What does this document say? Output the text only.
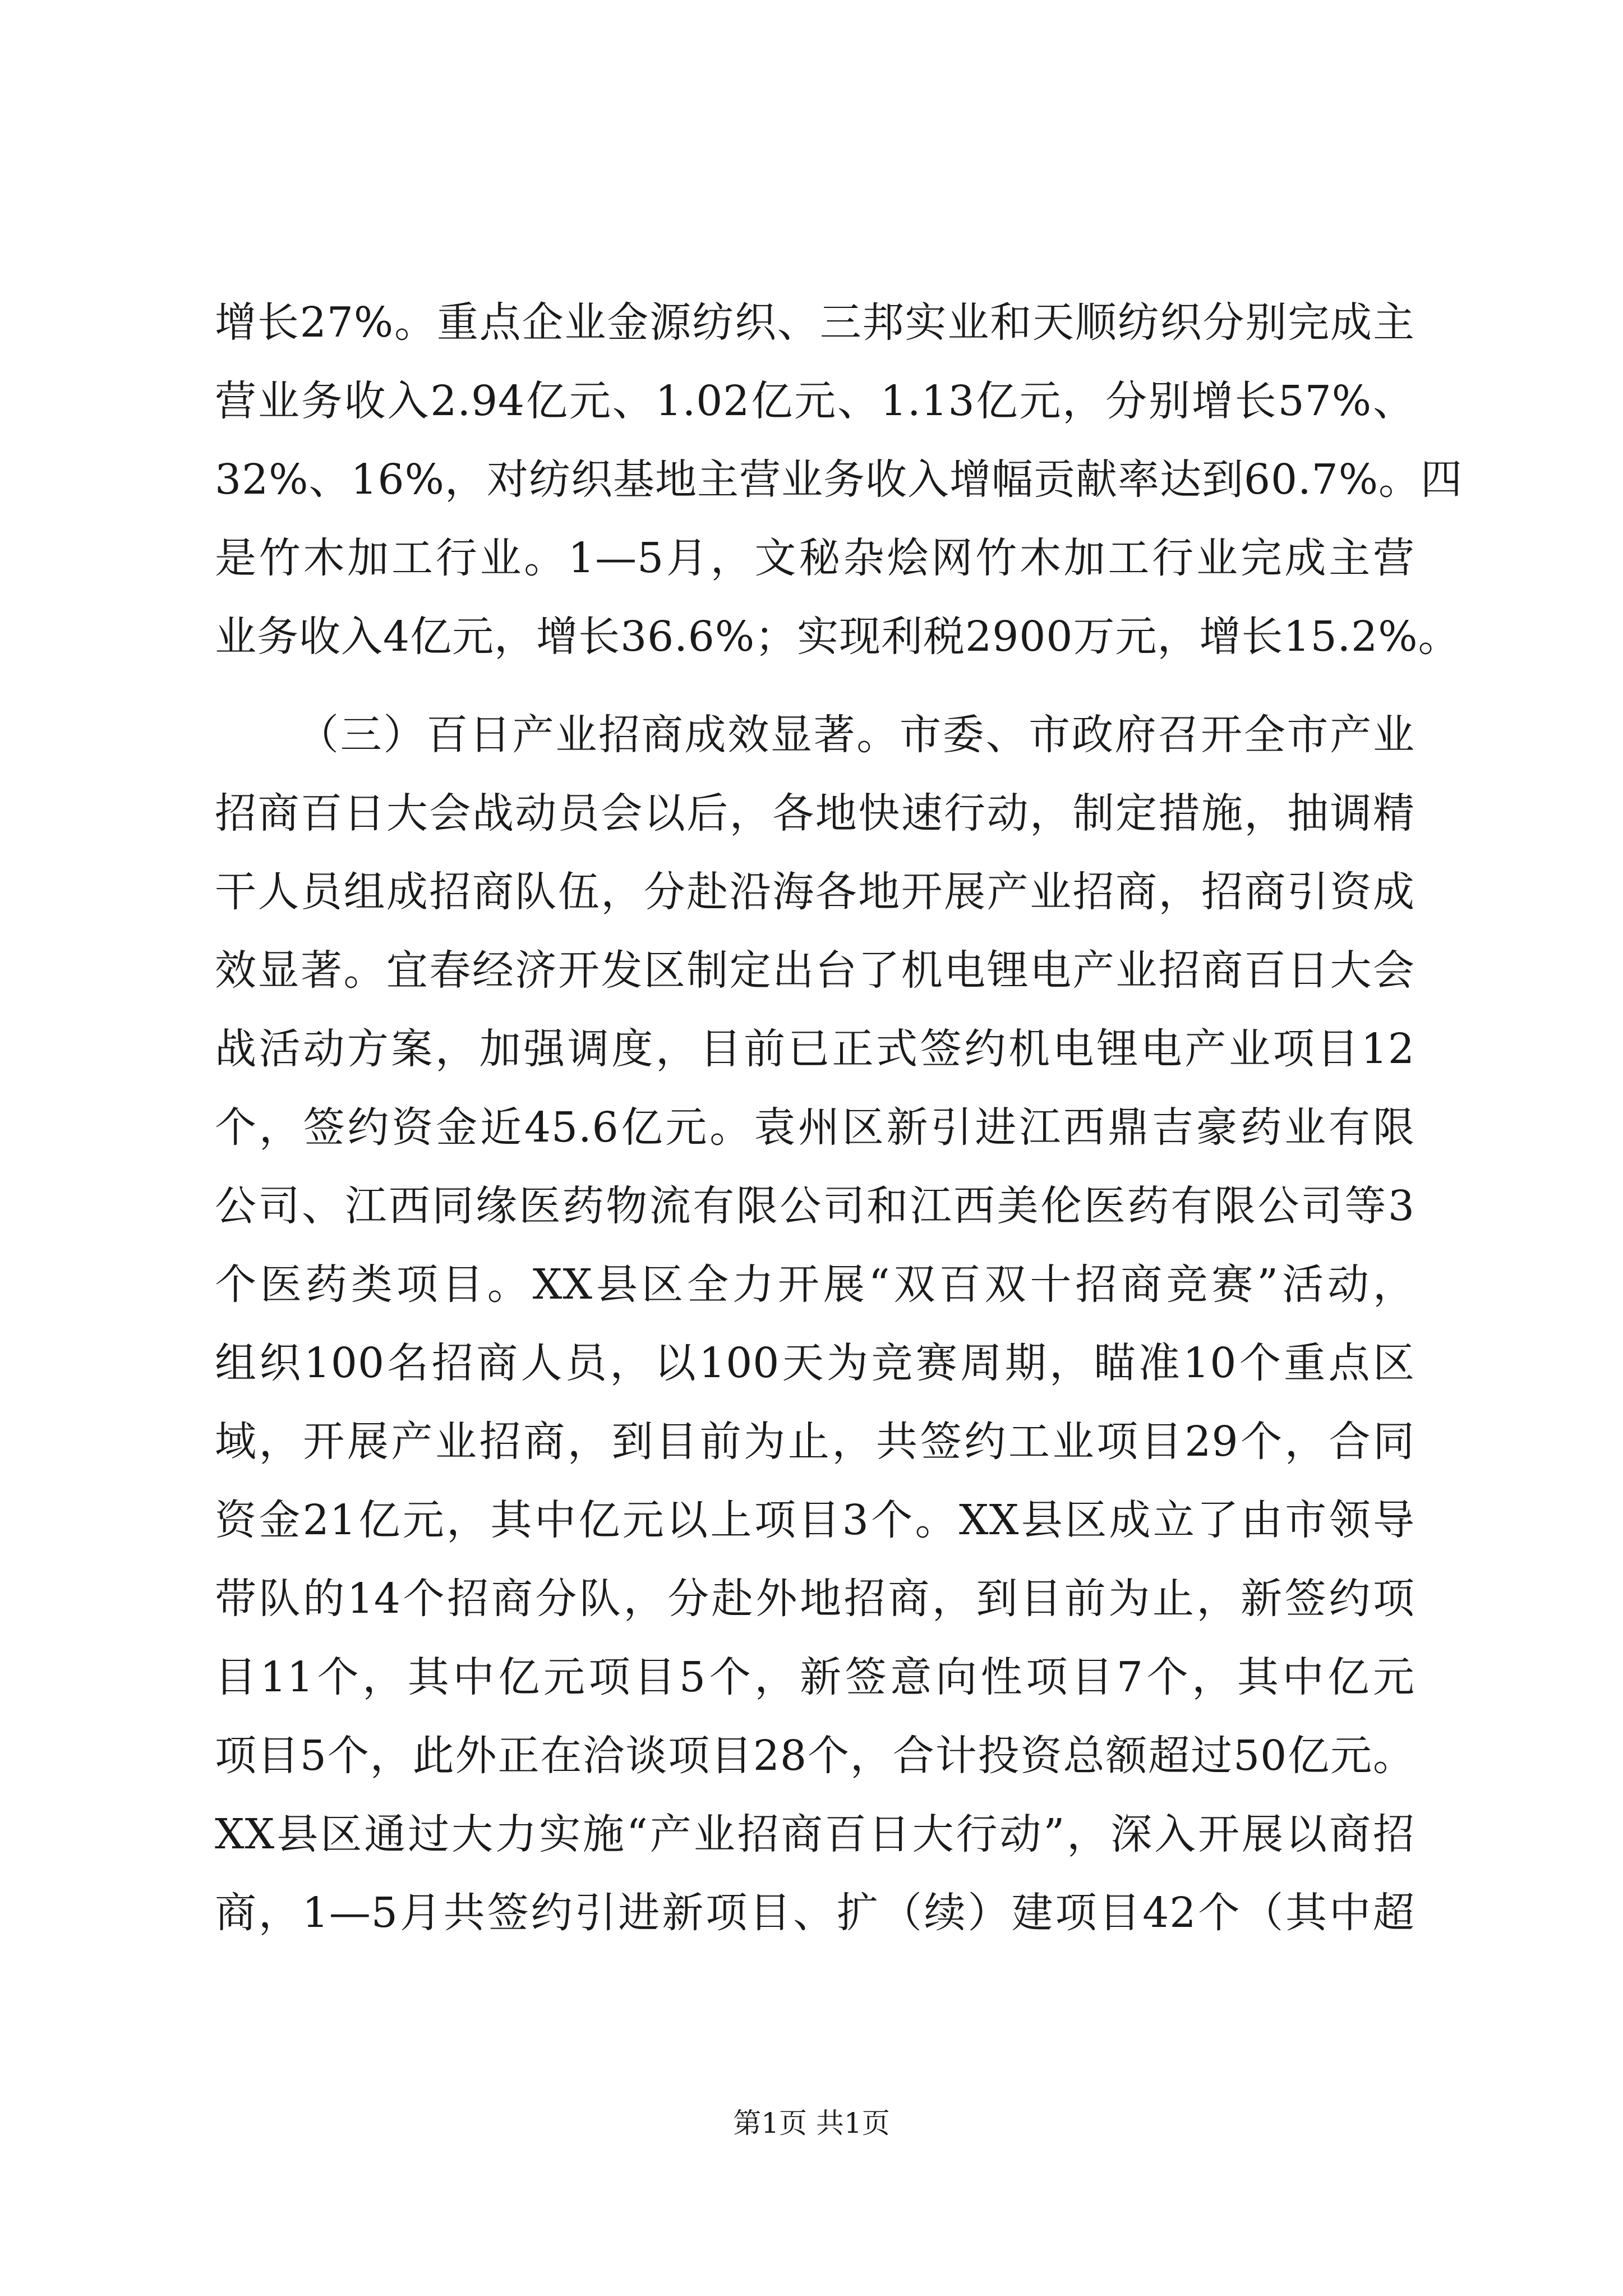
增长27%。重点企业金源纺织、三邦实业和天顺纺织分别完成主
营业务收入2.94亿元、1.02亿元、1.13亿元，分别增长57%、
32%、16%，对纺织基地主营业务收入增幅贡献率达到60.7%。四
是竹木加工行业。1—5月，文秘杂烩网竹木加工行业完成主营
业务收入4亿元，增长36.6%；实现利税2900万元，增长15.2%。
（三）百日产业招商成效显著。市委、市政府召开全市产业
招商百日大会战动员会以后，各地快速行动，制定措施，抽调精
干人员组成招商队伍，分赴沿海各地开展产业招商，招商引资成
效显著。宜春经济开发区制定出台了机电锂电产业招商百日大会
战活动方案，加强调度，目前已正式签约机电锂电产业项目12
个，签约资金近45.6亿元。袁州区新引进江西鼎吉豪药业有限
公司、江西同缘医药物流有限公司和江西美伦医药有限公司等3
个医药类项目。XX县区全力开展“双百双十招商竞赛”活动，
组织100名招商人员，以100天为竞赛周期，瞄准10个重点区
域，开展产业招商，到目前为止，共签约工业项目29个，合同
资金21亿元，其中亿元以上项目3个。XX县区成立了由市领导
带队的14个招商分队，分赴外地招商，到目前为止，新签约项
目11个，其中亿元项目5个，新签意向性项目7个，其中亿元
项目5个，此外正在洽谈项目28个，合计投资总额超过50亿元。
XX县区通过大力实施“产业招商百日大行动”，深入开展以商招
商，1—5月共签约引进新项目、扩（续）建项目42个（其中超
第1页 共1页
